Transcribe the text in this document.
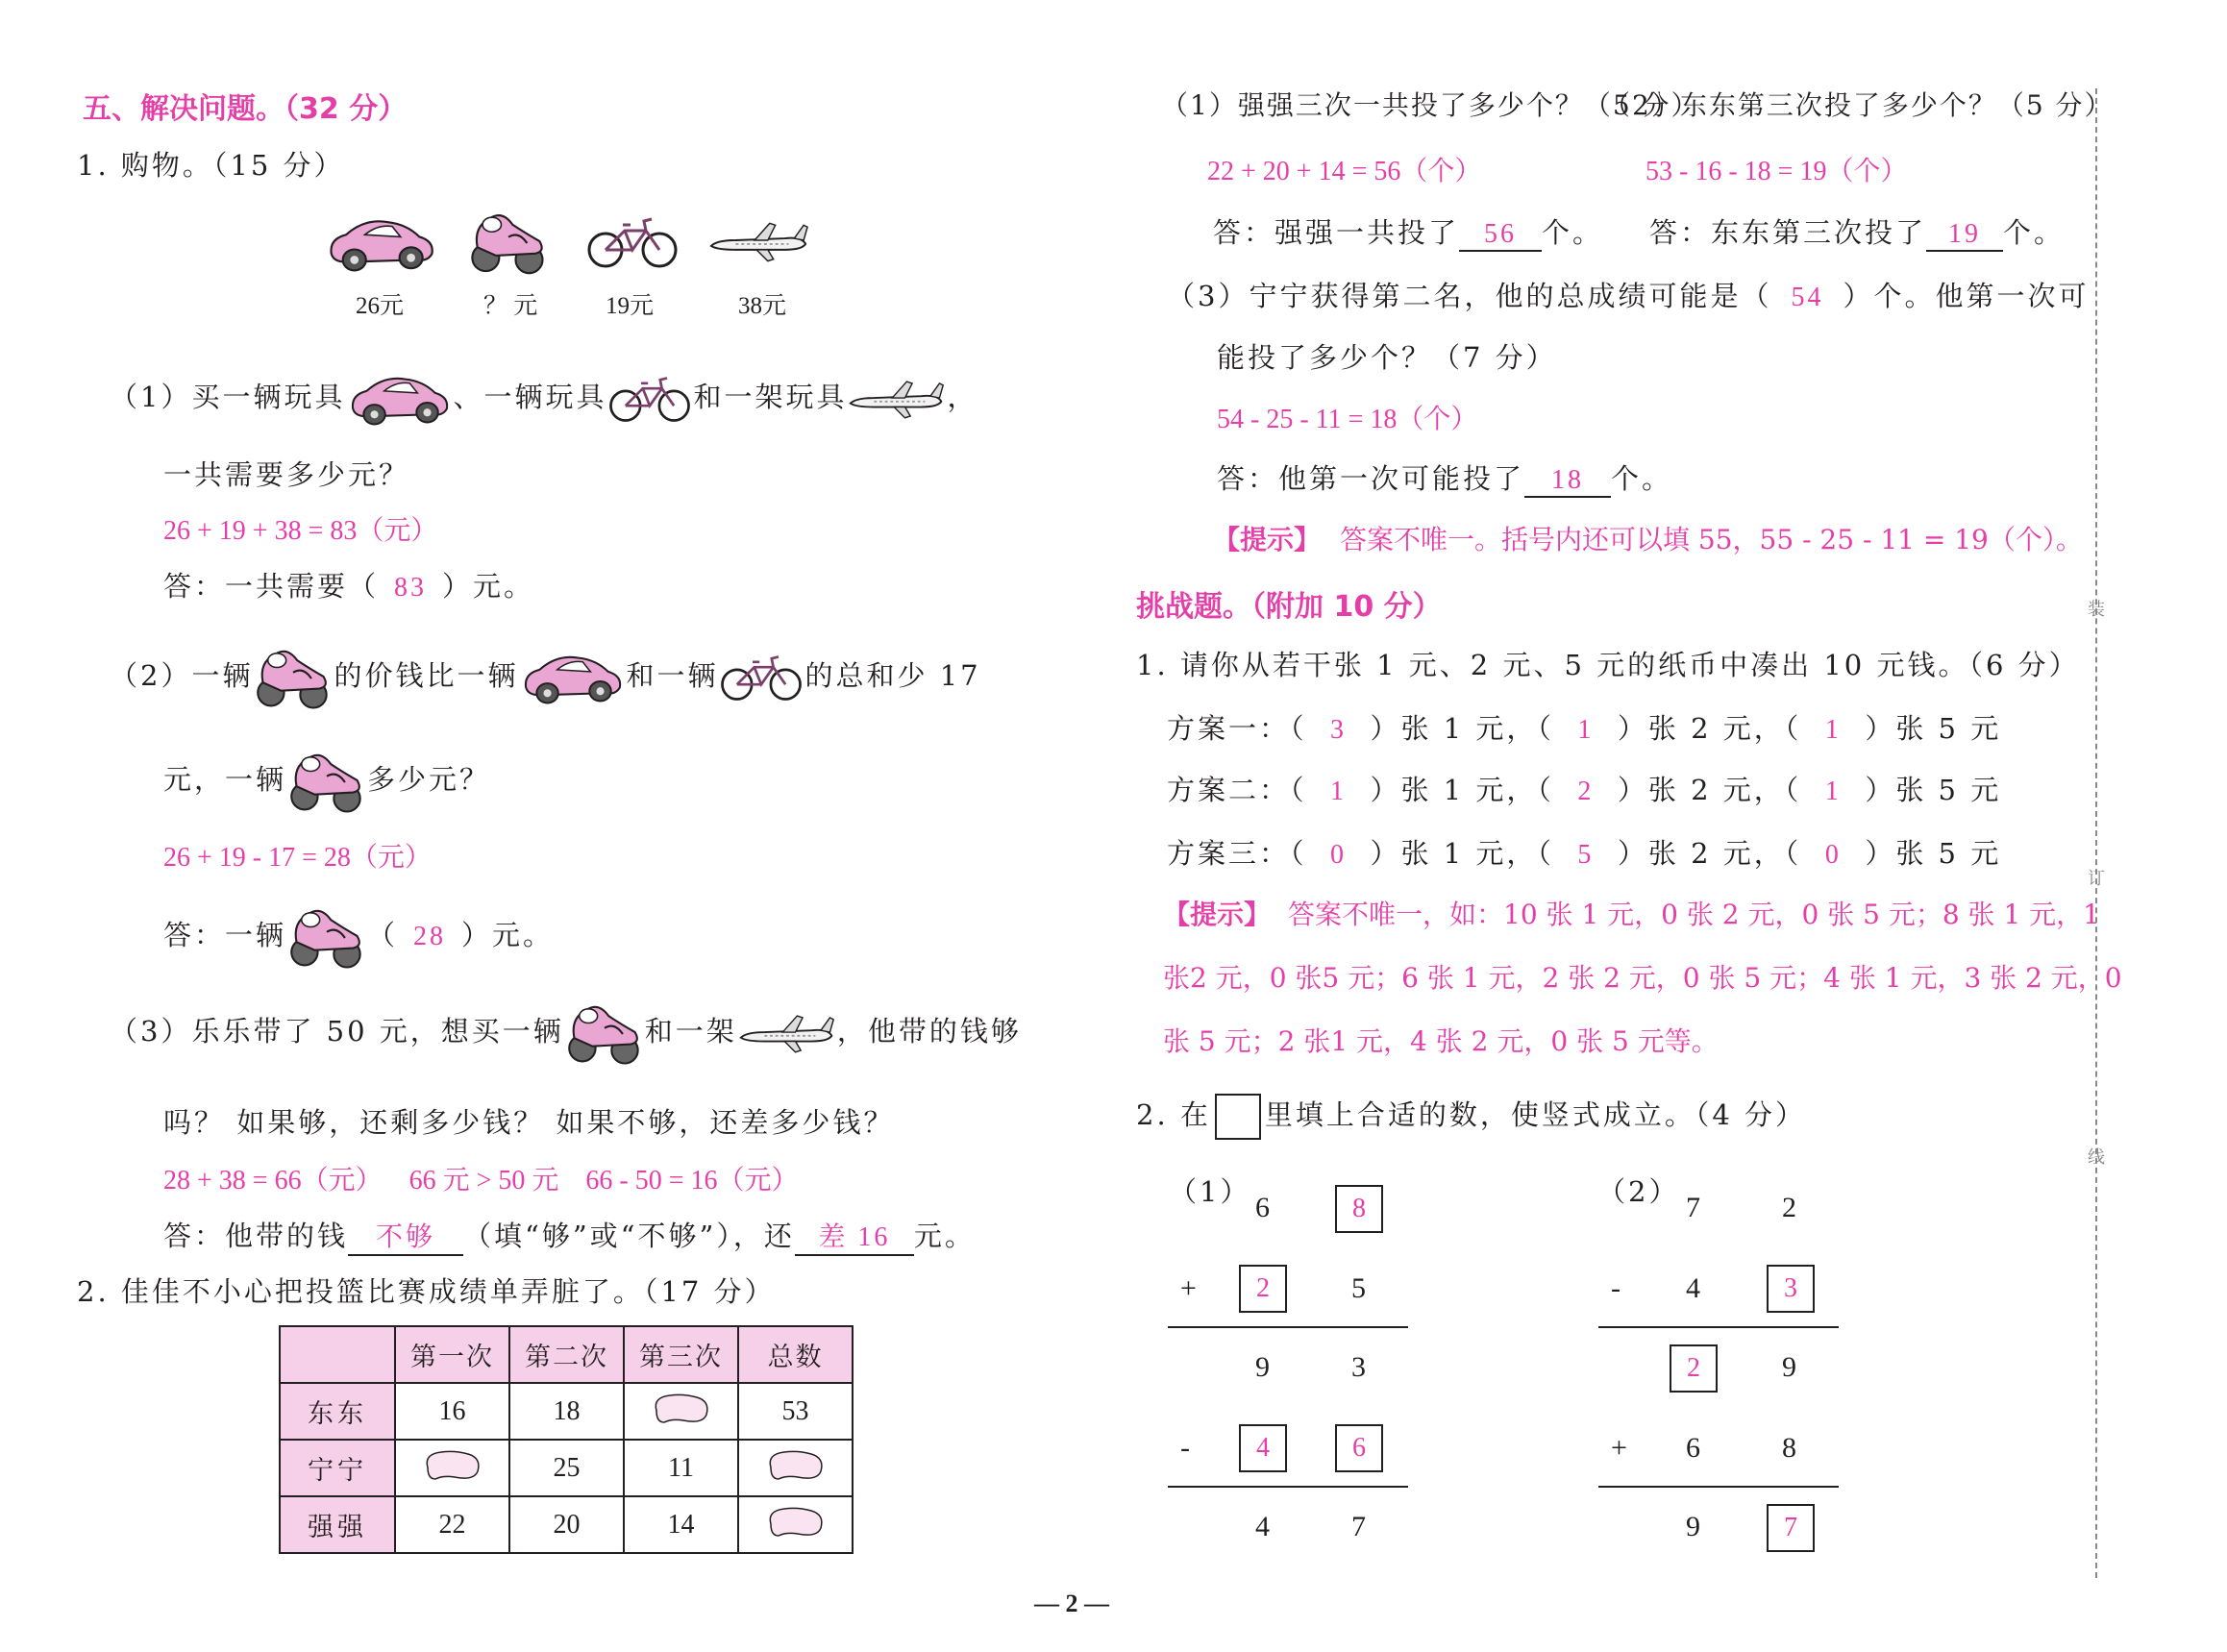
五、解决问题。（32 分）
1. 购物。（15 分）
26元	？ 元	19元	38元
（1）买一辆玩具	、一辆玩具	和一架玩具	，
一共需要多少元？
26 + 19 + 38 = 83（元）
答：一共需要（ 83 ）元。
（2）一辆	的价钱比一辆	和一辆	的总和少 17
元，一辆	多少元？
26 + 19 - 17 = 28（元）
答：一辆	（ 28 ）元。
（3）乐乐带了 50 元，想买一辆	和一架	，他带的钱够
吗？ 如果够，还剩多少钱？ 如果不够，还差多少钱？
28 + 38 = 66（元） 66 元 > 50 元 66 - 50 = 16（元）
答：他带的钱 不够 （填“够”或“不够”），还 差 16 元。
2. 佳佳不小心把投篮比赛成绩单弄脏了。（17 分）
	第一次	第二次	第三次	总数
东东	16	18		53
宁宁		25	11	
强强	22	20	14	
（1）强强三次一共投了多少个？（5 分）
（2）东东第三次投了多少个？（5 分）
22 + 20 + 14 = 56（个）	53 - 16 - 18 = 19（个）
答：强强一共投了 56 个。 答：东东第三次投了 19 个。
（3）宁宁获得第二名，他的总成绩可能是（ 54 ）个。他第一次可
能投了多少个？（7 分）
54 - 25 - 11 = 18（个）
答：他第一次可能投了 18 个。
【提示】 答案不唯一。括号内还可以填 55，55 - 25 - 11 = 19（个）。
挑战题。（附加 10 分）
1. 请你从若干张 1 元、2 元、5 元的纸币中凑出 10 元钱。（6 分）
方案一：（ 3 ）张 1 元，（ 1 ）张 2 元，（ 1 ）张 5 元
方案二：（ 1 ）张 1 元，（ 2 ）张 2 元，（ 1 ）张 5 元
方案三：（ 0 ）张 1 元，（ 5 ）张 2 元，（ 0 ）张 5 元
【提示】 答案不唯一，如：10 张 1 元，0 张 2 元，0 张 5 元；8 张 1 元，1
张2 元，0 张5 元；6 张 1 元，2 张 2 元，0 张 5 元；4 张 1 元，3 张 2 元，0
张 5 元；2 张1 元，4 张 2 元，0 张 5 元等。
2. 在 里填上合适的数，使竖式成立。（4 分）
（1） 6	8
+	2	5
9	3
-	4	6
4	7
（2） 7	2
- 4	3
2	9
+ 6	8
9	7
装
订
线
— 2 —
